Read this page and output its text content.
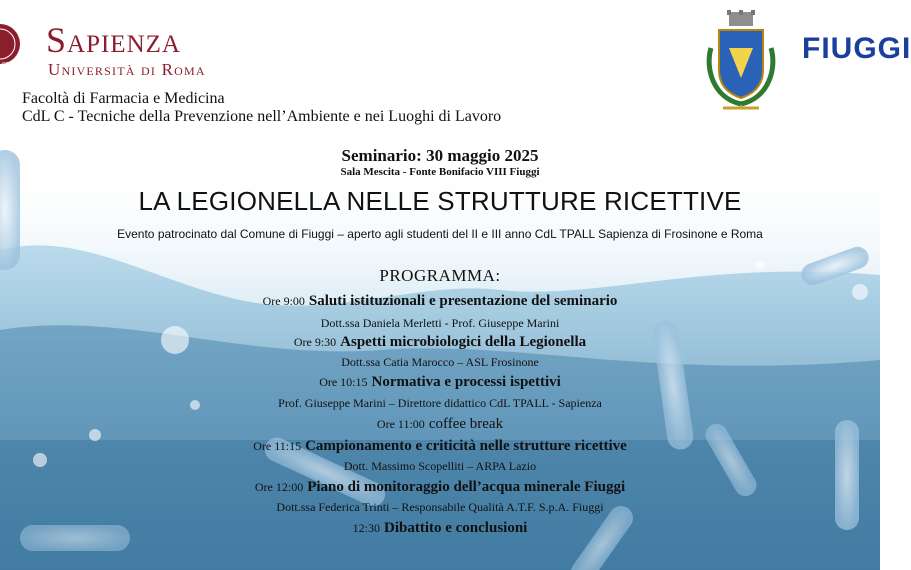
STUDIUM URBIS
Sapienza
Università di Roma
Facoltà di Farmacia e Medicina
CdL C - Tecniche della Prevenzione nell’Ambiente e nei Luoghi di Lavoro
FIUGGI
Seminario: 30 maggio 2025
Sala Mescita - Fonte Bonifacio VIII Fiuggi
LA LEGIONELLA NELLE STRUTTURE RICETTIVE
Evento patrocinato dal Comune di Fiuggi – aperto agli studenti del II e III anno CdL TPALL Sapienza di Frosinone e Roma
PROGRAMMA:
Ore 9:00 Saluti istituzionali e presentazione del seminario
Dott.ssa Daniela Merletti - Prof. Giuseppe Marini
Ore 9:30 Aspetti microbiologici della Legionella
Dott.ssa Catia Marocco – ASL Frosinone
Ore 10:15 Normativa e processi ispettivi
Prof. Giuseppe Marini – Direttore didattico CdL TPALL - Sapienza
Ore 11:00 coffee break
Ore 11:15 Campionamento e criticità nelle strutture ricettive
Dott. Massimo Scopelliti – ARPA Lazio
Ore 12:00 Piano di monitoraggio dell’acqua minerale Fiuggi
Dott.ssa Federica Trinti – Responsabile Qualità A.T.F. S.p.A. Fiuggi
12:30 Dibattito e conclusioni
